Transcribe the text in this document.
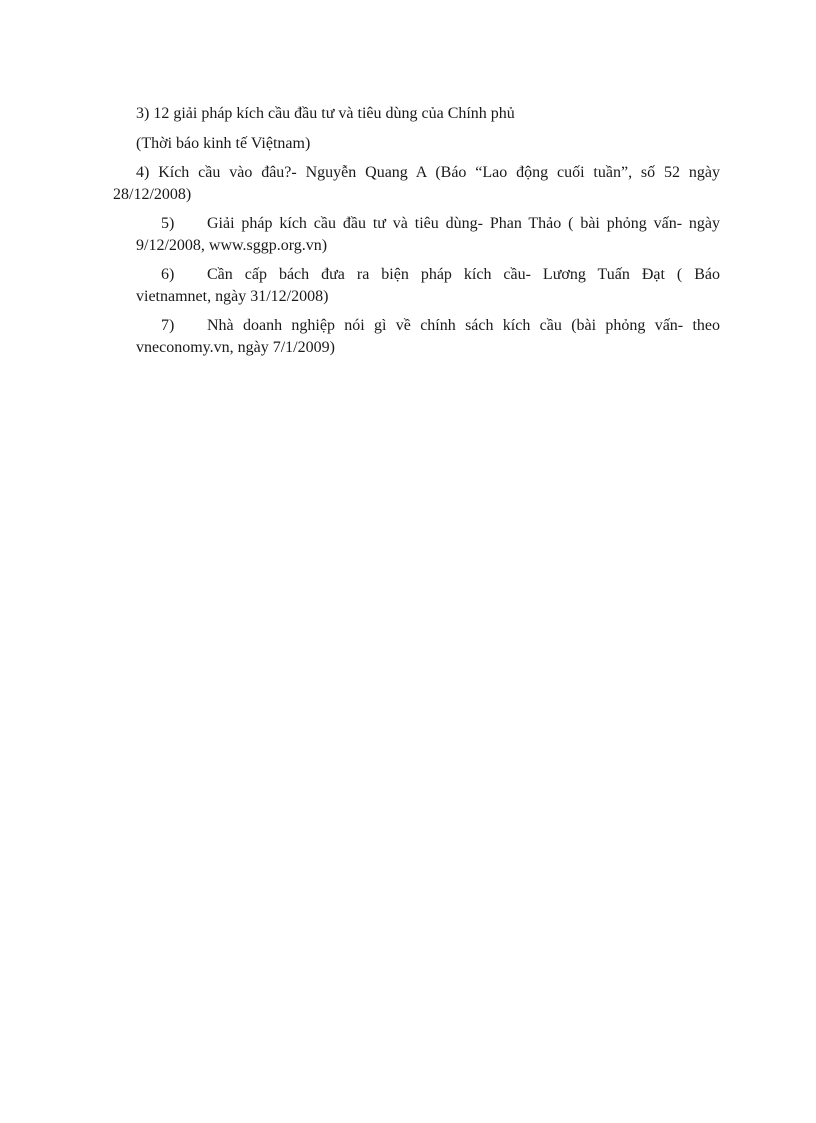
3) 12 giải pháp kích cầu đầu tư và tiêu dùng của Chính phủ

(Thời báo kinh tế Việtnam)

4) Kích cầu vào đâu?- Nguyễn Quang A (Báo “Lao động cuối tuần”, số 52 ngày
28/12/2008)
5) Giải pháp kích cầu đầu tư và tiêu dùng- Phan Thảo ( bài phỏng vấn- ngày
9/12/2008, www.sggp.org.vn)
6) Cần cấp bách đưa ra biện pháp kích cầu- Lương Tuấn Đạt ( Báo
vietnamnet, ngày 31/12/2008)
7) Nhà doanh nghiệp nói gì về chính sách kích cầu (bài phỏng vấn- theo
vneconomy.vn, ngày 7/1/2009)
